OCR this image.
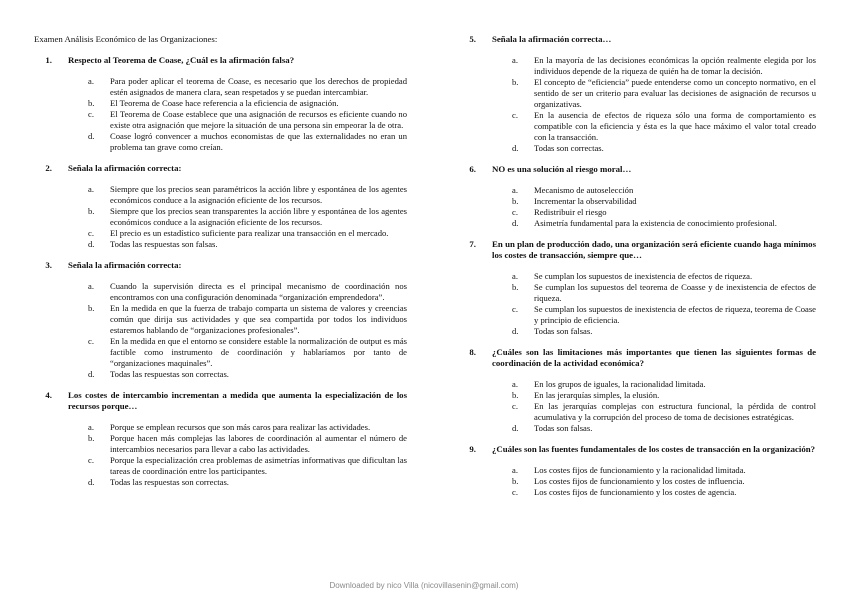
Examen Análisis Económico de las Organizaciones:
1.	Respecto al Teorema de Coase, ¿Cuál es la afirmación falsa?
a.	Para poder aplicar el teorema de Coase, es necesario que los derechos de propiedad estén asignados de manera clara, sean respetados y se puedan intercambiar.
b.	El Teorema de Coase hace referencia a la eficiencia de asignación.
c.	El Teorema de Coase establece que una asignación de recursos es eficiente cuando no existe otra asignación que mejore la situación de una persona sin empeorar la de otra.
d.	Coase logró convencer a muchos economistas de que las externalidades no eran un problema tan grave como creían.
2.	Señala la afirmación correcta:
a.	Siempre que los precios sean paramétricos la acción libre y espontánea de los agentes económicos conduce a la asignación eficiente de los recursos.
b.	Siempre que los precios sean transparentes la acción libre y espontánea de los agentes económicos conduce a la asignación eficiente de los recursos.
c.	El precio es un estadístico suficiente para realizar una transacción en el mercado.
d.	Todas las respuestas son falsas.
3.	Señala la afirmación correcta:
a.	Cuando la supervisión directa es el principal mecanismo de coordinación nos encontramos con una configuración denominada “organización emprendedora”.
b.	En la medida en que la fuerza de trabajo comparta un sistema de valores y creencias común que dirija sus actividades y que sea compartida por todos los individuos estaremos hablando de “organizaciones profesionales”.
c.	En la medida en que el entorno se considere estable la normalización de output es más factible como instrumento de coordinación y hablaríamos por tanto de “organizaciones maquinales”.
d.	Todas las respuestas son correctas.
4.	Los costes de intercambio incrementan a medida que aumenta la especialización de los recursos porque…
a.	Porque se emplean recursos que son más caros para realizar las actividades.
b.	Porque hacen más complejas las labores de coordinación al aumentar el número de intercambios necesarios para llevar a cabo las actividades.
c.	Porque la especialización crea problemas de asimetrías informativas que dificultan las tareas de coordinación entre los participantes.
d.	Todas las respuestas son correctas.
5.	Señala la afirmación correcta…
a.	En la mayoría de las decisiones económicas la opción realmente elegida por los individuos depende de la riqueza de quién ha de tomar la decisión.
b.	El concepto de “eficiencia” puede entenderse como un concepto normativo, en el sentido de ser un criterio para evaluar las decisiones de asignación de recursos u organizativas.
c.	En la ausencia de efectos de riqueza sólo una forma de comportamiento es compatible con la eficiencia y ésta es la que hace máximo el valor total creado con la transacción.
d.	Todas son correctas.
6.	NO es una solución al riesgo moral…
a.	Mecanismo de autoselección
b.	Incrementar la observabilidad
c.	Redistribuir el riesgo
d.	Asimetría fundamental para la existencia de conocimiento profesional.
7.	En un plan de producción dado, una organización será eficiente cuando haga mínimos los costes de transacción, siempre que…
a.	Se cumplan los supuestos de inexistencia de efectos de riqueza.
b.	Se cumplan los supuestos del teorema de Coasse y de inexistencia de efectos de riqueza.
c.	Se cumplan los supuestos de inexistencia de efectos de riqueza, teorema de Coase y principio de eficiencia.
d.	Todas son falsas.
8.	¿Cuáles son las limitaciones más importantes que tienen las siguientes formas de coordinación de la actividad económica?
a.	En los grupos de iguales, la racionalidad limitada.
b.	En las jerarquías simples, la elusión.
c.	En las jerarquías complejas con estructura funcional, la pérdida de control acumulativa y la corrupción del proceso de toma de decisiones estratégicas.
d.	Todas son falsas.
9.	¿Cuáles son las fuentes fundamentales de los costes de transacción en la organización?
a.	Los costes fijos de funcionamiento y la racionalidad limitada.
b.	Los costes fijos de funcionamiento y los costes de influencia.
c.	Los costes fijos de funcionamiento y los costes de agencia.
Downloaded by nico Villa (nicovillasenin@gmail.com)
